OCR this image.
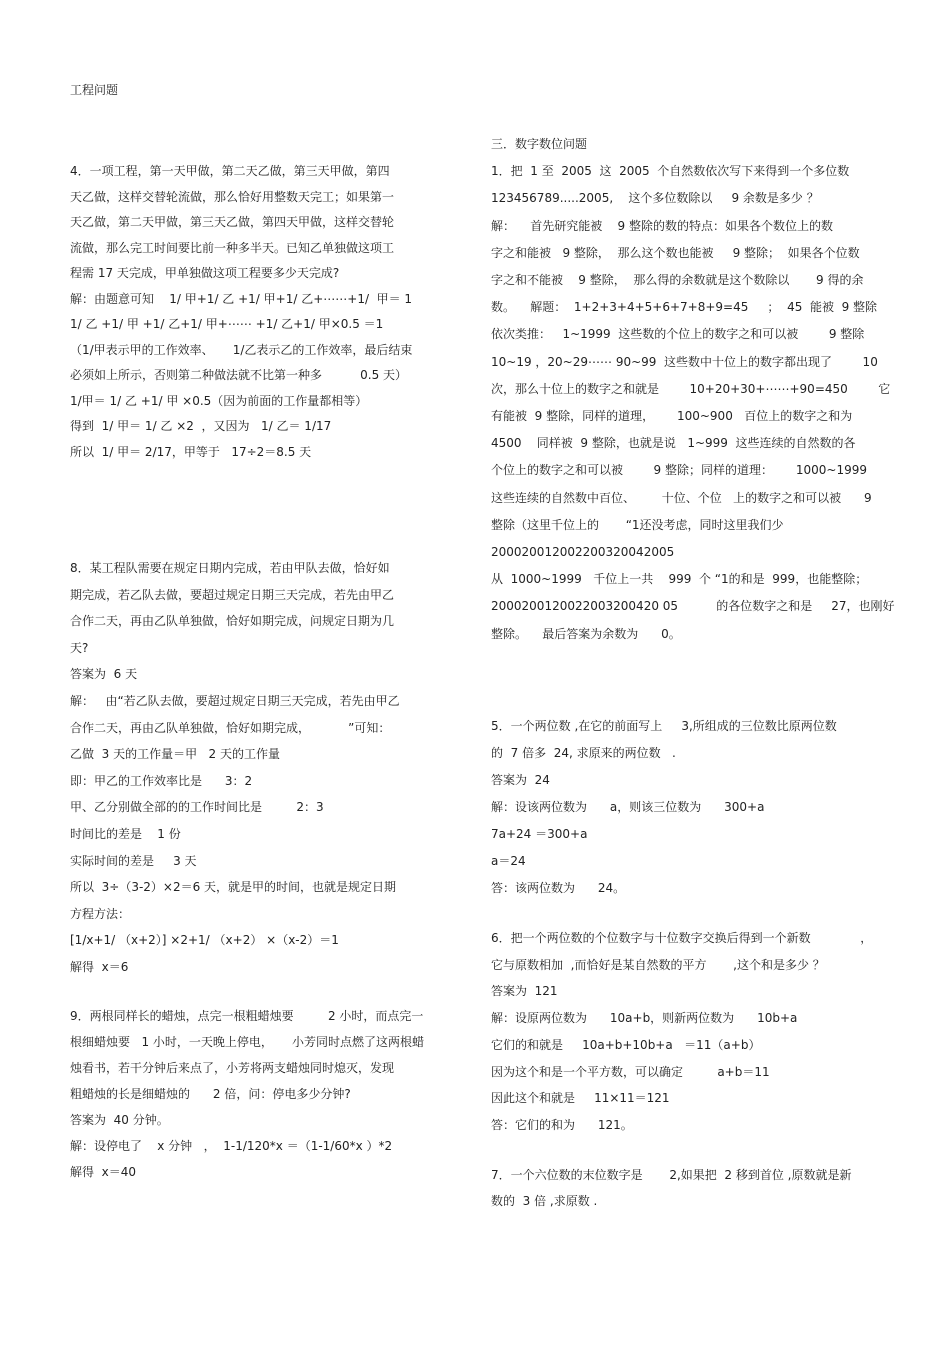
工程问题
4．一项工程，第一天甲做，第二天乙做，第三天甲做，第四
天乙做，这样交替轮流做，那么恰好用整数天完工；如果第一
天乙做，第二天甲做，第三天乙做，第四天甲做，这样交替轮
流做，那么完工时间要比前一种多半天。已知乙单独做这项工
程需 17 天完成，甲单独做这项工程要多少天完成?
解：由题意可知    1/ 甲+1/ 乙 +1/ 甲+1/ 乙+⋯⋯+1/  甲＝ 1
1/ 乙 +1/ 甲 +1/ 乙+1/ 甲+⋯⋯ +1/ 乙+1/ 甲×0.5 ＝1
（1/甲表示甲的工作效率、     1/乙表示乙的工作效率，最后结束
必须如上所示，否则第二种做法就不比第一种多          0.5 天）
1/甲＝ 1/ 乙 +1/ 甲 ×0.5（因为前面的工作量都相等）
得到  1/ 甲＝ 1/ 乙 ×2  ，又因为   1/ 乙＝ 1/17
所以  1/ 甲＝ 2/17，甲等于   17÷2＝8.5 天
8．某工程队需要在规定日期内完成，若由甲队去做，恰好如
期完成，若乙队去做，要超过规定日期三天完成，若先由甲乙
合作二天，再由乙队单独做，恰好如期完成，问规定日期为几
天?
答案为  6 天
解：   由“若乙队去做，要超过规定日期三天完成，若先由甲乙
合作二天，再由乙队单独做，恰好如期完成，          ”可知：
乙做  3 天的工作量＝甲   2 天的工作量
即：甲乙的工作效率比是      3：2
甲、乙分别做全部的的工作时间比是         2：3
时间比的差是    1 份
实际时间的差是     3 天
所以  3÷（3-2）×2＝6 天，就是甲的时间，也就是规定日期
方程方法：
[1/x+1/ （x+2）] ×2+1/ （x+2） ×（x-2）＝1
解得  x＝6
9．两根同样长的蜡烛，点完一根粗蜡烛要         2 小时，而点完一
根细蜡烛要   1 小时，一天晚上停电，     小芳同时点燃了这两根蜡
烛看书，若干分钟后来点了，小芳将两支蜡烛同时熄灭，发现
粗蜡烛的长是细蜡烛的      2 倍，问：停电多少分钟?
答案为  40 分钟。
解：设停电了    x 分钟   ，  1-1/120*x ＝（1-1/60*x ）*2
解得  x＝40
三．数字数位问题
1．把  1 至  2005  这  2005  个自然数依次写下来得到一个多位数
123456789.....2005,    这个多位数除以     9 余数是多少 ？
解：    首先研究能被    9 整除的数的特点：如果各个数位上的数
字之和能被   9 整除，  那么这个数也能被     9 整除；  如果各个位数
字之和不能被    9 整除，  那么得的余数就是这个数除以       9 得的余
数。    解题：  1+2+3+4+5+6+7+8+9=45     ；  45  能被  9 整除
依次类推：   1~1999  这些数的个位上的数字之和可以被        9 整除
10~19 ，20~29⋯⋯ 90~99  这些数中十位上的数字都出现了        10
次，那么十位上的数字之和就是        10+20+30+⋯⋯+90=450        它
有能被  9 整除，同样的道理，      100~900   百位上的数字之和为
4500    同样被  9 整除，也就是说   1~999  这些连续的自然数的各
个位上的数字之和可以被        9 整除；同样的道理：      1000~1999
这些连续的自然数中百位、       十位、个位   上的数字之和可以被      9
整除（这里千位上的       “1还没考虑，同时这里我们少
200020012002200320042005
从  1000~1999   千位上一共    999  个 “1的和是  999，也能整除；
2000200120022003200420 05          的各位数字之和是     27，也刚好
整除。    最后答案为余数为      0。
5．一个两位数 ,在它的前面写上     3,所组成的三位数比原两位数
的  7 倍多  24, 求原来的两位数   .
答案为  24
解：设该两位数为      a，则该三位数为      300+a
7a+24 ＝300+a
a＝24
答：该两位数为      24。
6．把一个两位数的个位数字与十位数字交换后得到一个新数             ，
它与原数相加  ,而恰好是某自然数的平方       ,这个和是多少 ？
答案为  121
解：设原两位数为      10a+b，则新两位数为      10b+a
它们的和就是     10a+b+10b+a   ＝11（a+b）
因为这个和是一个平方数，可以确定         a+b＝11
因此这个和就是     11×11＝121
答：它们的和为      121。
7．一个六位数的末位数字是       2,如果把  2 移到首位 ,原数就是新
数的  3 倍 ,求原数 .
